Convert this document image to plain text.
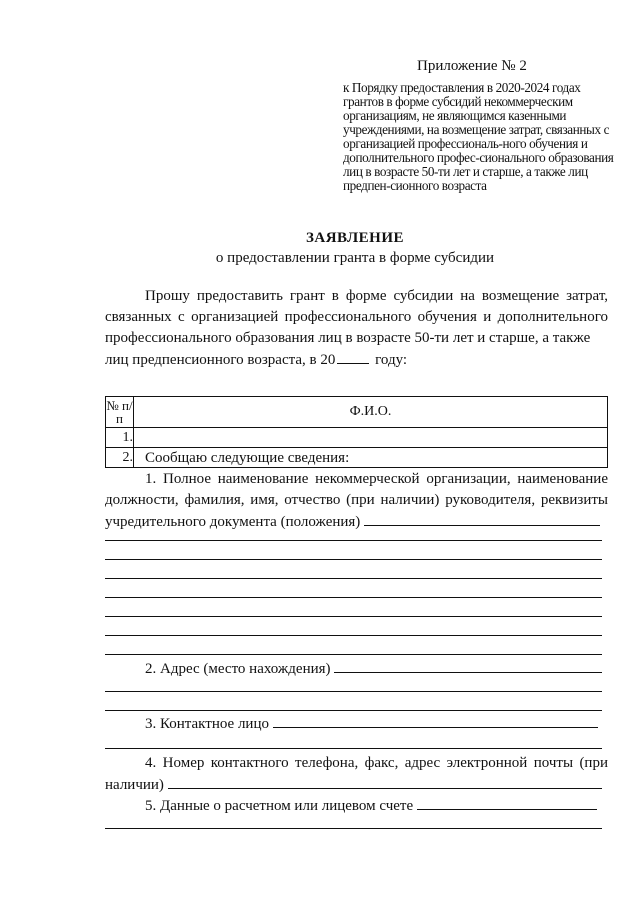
Приложение № 2

к Порядку предоставления в 2020-2024 годах грантов в форме субсидий некоммерческим организациям, не являющимся казенными учреждениями, на возмещение затрат, связанных с организацией профессиональ-ного обучения и дополнительного профес-сионального образования лиц в возрасте 50-ти лет и старше, а также лиц предпен-сионного возраста

ЗАЯВЛЕНИЕ
о предоставлении гранта в форме субсидии
Прошу предоставить грант в форме субсидии на возмещение затрат, связанных с организацией профессионального обучения и дополнительного профессионального образования лиц в возрасте 50-ти лет и старше, а также
лиц предпенсионного возраста, в 20	году:
№ п/п	Ф.И.О.
1.	
2.	Сообщаю следующие сведения:

1. Полное наименование некоммерческой организации, наименование

должности, фамилия, имя, отчество (при наличии) руководителя, реквизиты

учредительного документа (положения)

2. Адрес (место нахождения)

3. Контактное лицо

4. Номер контактного телефона, факс, адрес электронной почты (при

наличии)

5. Данные о расчетном или лицевом счете
